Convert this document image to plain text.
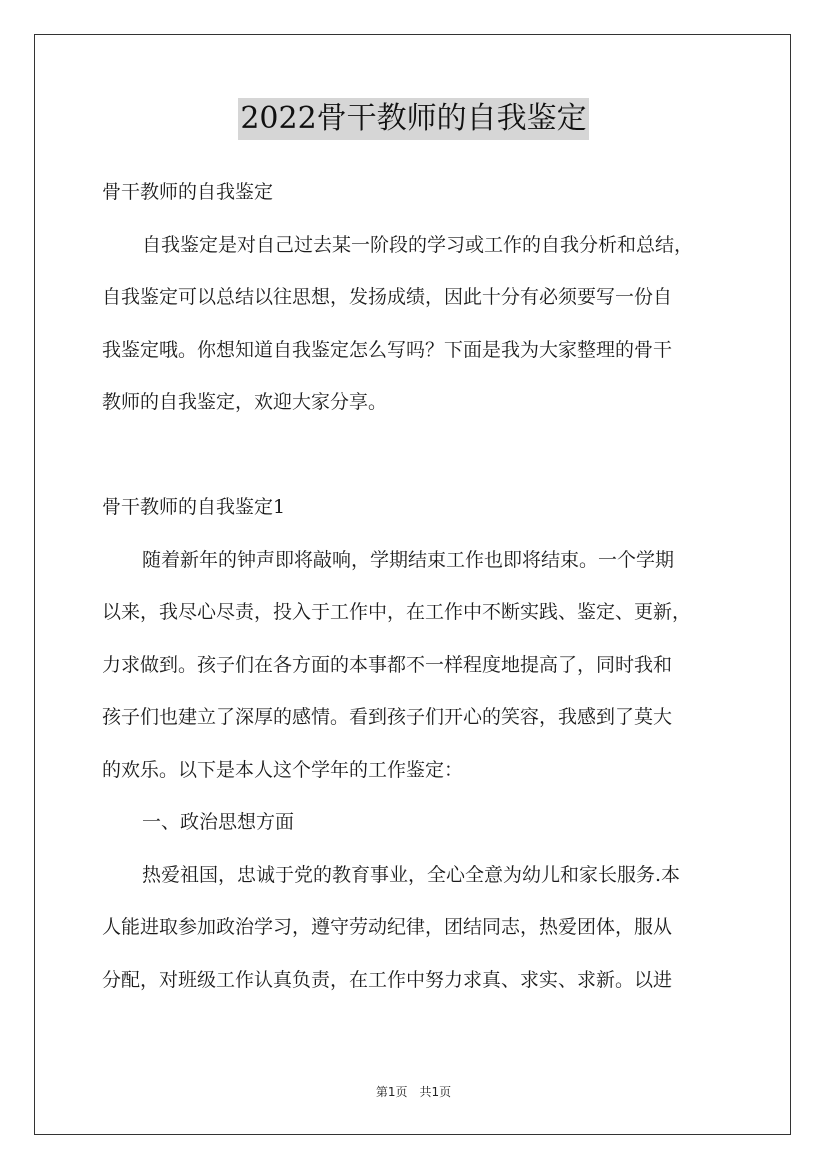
2022骨干教师的自我鉴定

骨干教师的自我鉴定

自我鉴定是对自己过去某一阶段的学习或工作的自我分析和总结，

自我鉴定可以总结以往思想，发扬成绩，因此十分有必须要写一份自

我鉴定哦。你想知道自我鉴定怎么写吗？下面是我为大家整理的骨干

教师的自我鉴定，欢迎大家分享。

骨干教师的自我鉴定1

随着新年的钟声即将敲响，学期结束工作也即将结束。一个学期

以来，我尽心尽责，投入于工作中，在工作中不断实践、鉴定、更新，

力求做到。孩子们在各方面的本事都不一样程度地提高了，同时我和

孩子们也建立了深厚的感情。看到孩子们开心的笑容，我感到了莫大

的欢乐。以下是本人这个学年的工作鉴定：

一、政治思想方面

热爱祖国，忠诚于党的教育事业，全心全意为幼儿和家长服务.本

人能进取参加政治学习，遵守劳动纪律，团结同志，热爱团体，服从

分配，对班级工作认真负责，在工作中努力求真、求实、求新。以进

第1页 共1页
